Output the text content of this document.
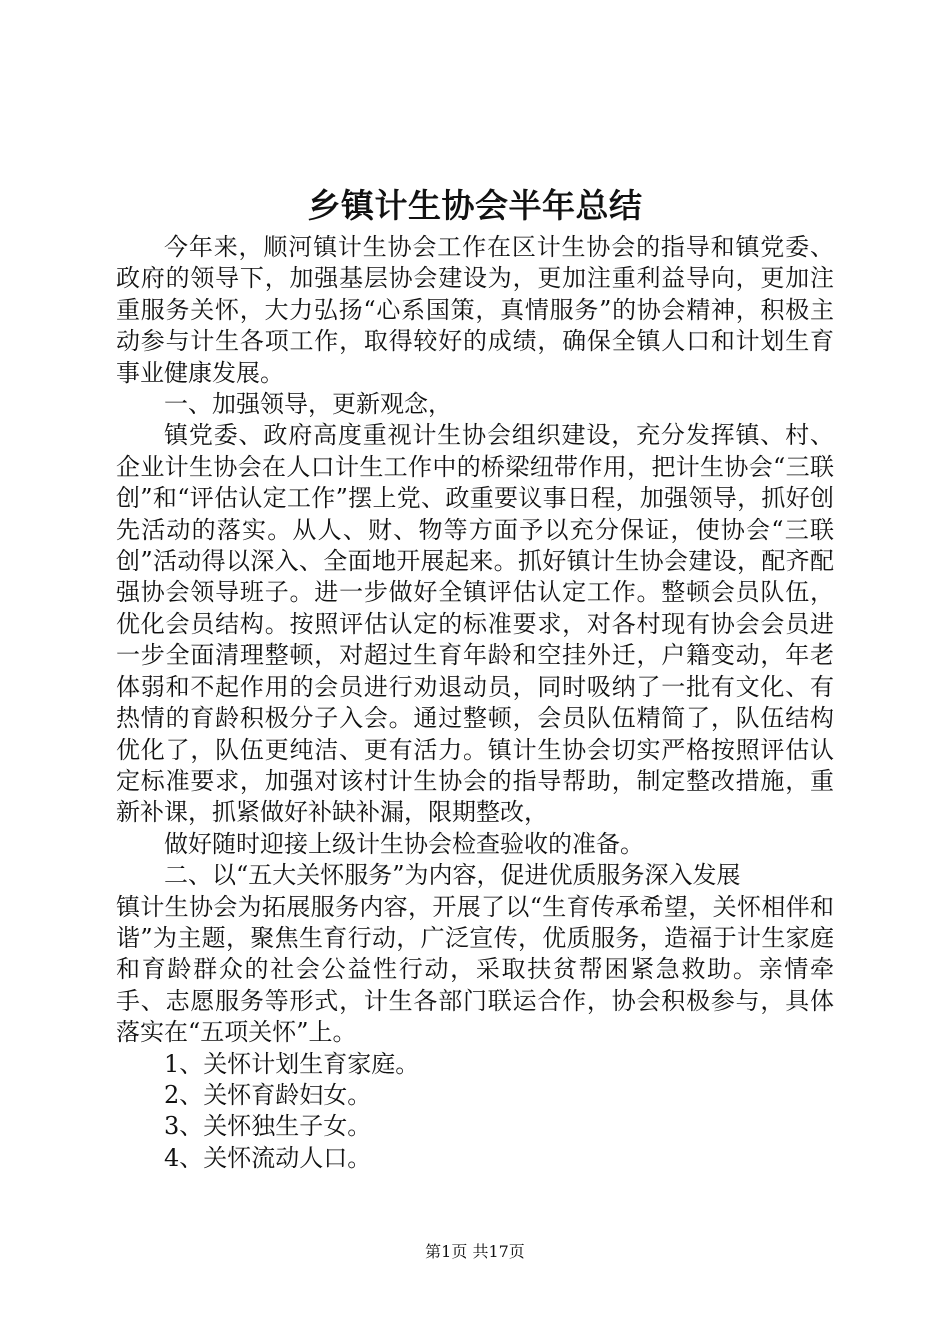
乡镇计生协会半年总结

今年来，顺河镇计生协会工作在区计生协会的指导和镇党委、政府的领导下，加强基层协会建设为，更加注重利益导向，更加注重服务关怀，大力弘扬“心系国策，真情服务”的协会精神，积极主动参与计生各项工作，取得较好的成绩，确保全镇人口和计划生育事业健康发展。

一、加强领导，更新观念，

镇党委、政府高度重视计生协会组织建设，充分发挥镇、村、企业计生协会在人口计生工作中的桥梁纽带作用，把计生协会“三联创”和“评估认定工作”摆上党、政重要议事日程，加强领导，抓好创先活动的落实。从人、财、物等方面予以充分保证，使协会“三联创”活动得以深入、全面地开展起来。抓好镇计生协会建设，配齐配强协会领导班子。进一步做好全镇评估认定工作。整顿会员队伍，优化会员结构。按照评估认定的标准要求，对各村现有协会会员进一步全面清理整顿，对超过生育年龄和空挂外迁，户籍变动，年老体弱和不起作用的会员进行劝退动员，同时吸纳了一批有文化、有热情的育龄积极分子入会。通过整顿，会员队伍精简了，队伍结构优化了，队伍更纯洁、更有活力。镇计生协会切实严格按照评估认定标准要求，加强对该村计生协会的指导帮助，制定整改措施，重新补课，抓紧做好补缺补漏，限期整改，

做好随时迎接上级计生协会检查验收的准备。

二、以“五大关怀服务”为内容，促进优质服务深入发展

镇计生协会为拓展服务内容，开展了以“生育传承希望，关怀相伴和谐”为主题，聚焦生育行动，广泛宣传，优质服务，造福于计生家庭和育龄群众的社会公益性行动，采取扶贫帮困紧急救助。亲情牵手、志愿服务等形式，计生各部门联运合作，协会积极参与，具体落实在“五项关怀”上。

1、关怀计划生育家庭。

2、关怀育龄妇女。

3、关怀独生子女。

4、关怀流动人口。

第1页 共17页
